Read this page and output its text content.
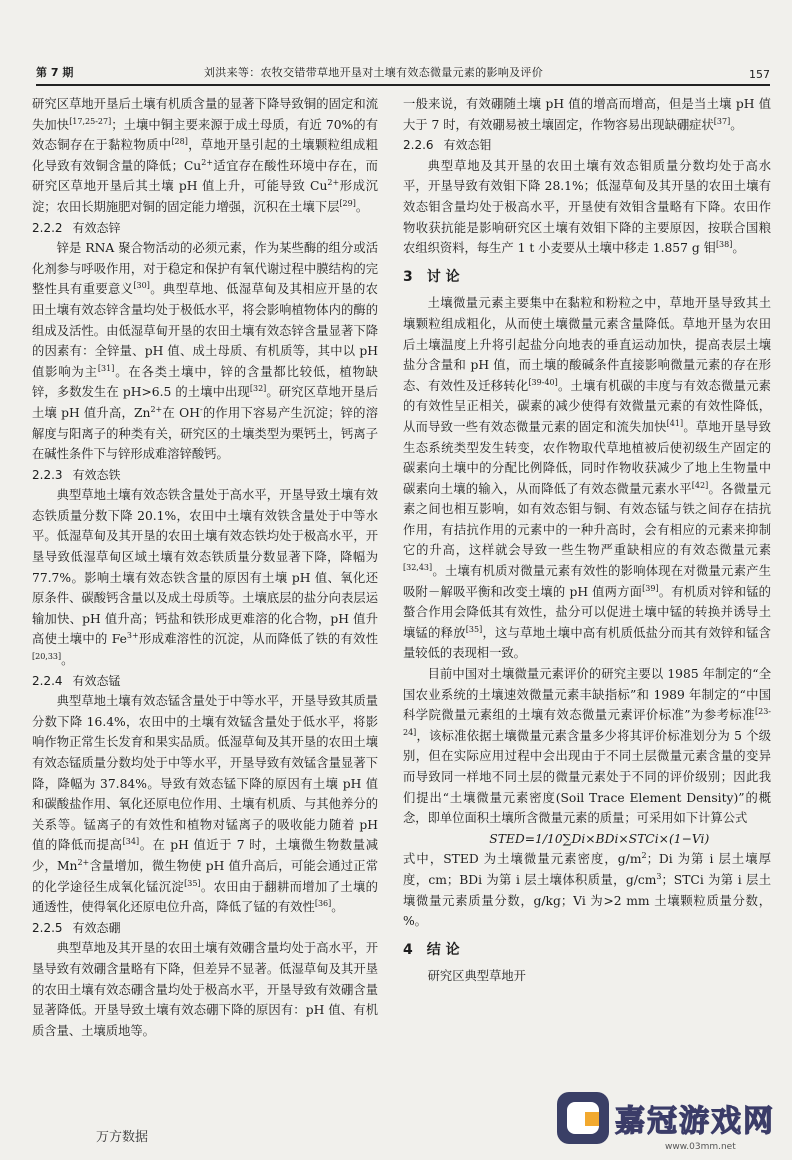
第 7 期	刘洪来等：农牧交错带草地开垦对土壤有效态微量元素的影响及评价	157

研究区草地开垦后土壤有机质含量的显著下降导致铜的固定和流失加快[17,25-27]；土壤中铜主要来源于成土母质，有近 70%的有效态铜存在于黏粒物质中[28]，草地开垦引起的土壤颗粒组成粗化导致有效铜含量的降低；$Cu^{2+}$适宜存在酸性环境中存在，而研究区草地开垦后其土壤 pH 值上升，可能导致 $Cu^{2+}$形成沉淀；农田长期施肥对铜的固定能力增强，沉积在土壤下层[29]。

2.2.2 有效态锌

锌是 RNA 聚合物活动的必须元素，作为某些酶的组分或活化剂参与呼吸作用，对于稳定和保护有氧代谢过程中膜结构的完整性具有重要意义[30]。典型草地、低湿草甸及其相应开垦的农田土壤有效态锌含量均处于极低水平，将会影响植物体内的酶的组成及活性。由低湿草甸开垦的农田土壤有效态锌含量显著下降的因素有：全锌量、pH 值、成土母质、有机质等，其中以 pH 值影响为主[31]。在各类土壤中，锌的含量都比较低，植物缺锌，多数发生在 pH>6.5 的土壤中出现[32]。研究区草地开垦后土壤 pH 值升高，$Zn^{2+}$在 OH-的作用下容易产生沉淀；锌的溶解度与阳离子的种类有关，研究区的土壤类型为栗钙土，钙离子在碱性条件下与锌形成难溶锌酸钙。

2.2.3 有效态铁

典型草地土壤有效态铁含量处于高水平，开垦导致土壤有效态铁质量分数下降 20.1%，农田中土壤有效铁含量处于中等水平。低湿草甸及其开垦的农田土壤有效态铁均处于极高水平，开垦导致低湿草甸区域土壤有效态铁质量分数显著下降，降幅为 77.7%。影响土壤有效态铁含量的原因有土壤 pH 值、氧化还原条件、碳酸钙含量以及成土母质等。土壤底层的盐分向表层运输加快、pH 值升高；钙盐和铁形成更难溶的化合物，pH 值升高使土壤中的 $Fe^{3+}$形成难溶性的沉淀，从而降低了铁的有效性[20,33]。

2.2.4 有效态锰

典型草地土壤有效态锰含量处于中等水平，开垦导致其质量分数下降 16.4%，农田中的土壤有效锰含量处于低水平，将影响作物正常生长发育和果实品质。低湿草甸及其开垦的农田土壤有效态锰质量分数均处于中等水平，开垦导致有效锰含量显著下降，降幅为 37.84%。导致有效态锰下降的原因有土壤 pH 值和碳酸盐作用、氧化还原电位作用、土壤有机质、与其他养分的关系等。锰离子的有效性和植物对锰离子的吸收能力随着 pH 值的降低而提高[34]。在 pH 值近于 7 时，土壤微生物数量减少，$Mn^{2+}$含量增加，微生物使 pH 值升高后，可能会通过正常的化学途径生成氧化锰沉淀[35]。农田由于翻耕而增加了土壤的通透性，使得氧化还原电位升高，降低了锰的有效性[36]。

2.2.5 有效态硼

典型草地及其开垦的农田土壤有效硼含量均处于高水平，开垦导致有效硼含量略有下降，但差异不显著。低湿草甸及其开垦的农田土壤有效态硼含量均处于极高水平，开垦导致有效硼含量显著降低。开垦导致土壤有效态硼下降的原因有：pH 值、有机质含量、土壤质地等。

一般来说，有效硼随土壤 pH 值的增高而增高，但是当土壤 pH 值大于 7 时，有效硼易被土壤固定，作物容易出现缺硼症状[37]。

2.2.6 有效态钼

典型草地及其开垦的农田土壤有效态钼质量分数均处于高水平，开垦导致有效钼下降 28.1%；低湿草甸及其开垦的农田土壤有效态钼含量均处于极高水平，开垦使有效钼含量略有下降。农田作物收获抗能是影响研究区土壤有效钼下降的主要原因，按联合国粮农组织资料，每生产 1 t 小麦要从土壤中移走 1.857 g 钼[38]。

3 讨 论

土壤微量元素主要集中在黏粒和粉粒之中，草地开垦导致其土壤颗粒组成粗化，从而使土壤微量元素含量降低。草地开垦为农田后土壤温度上升将引起盐分向地表的垂直运动加快，提高表层土壤盐分含量和 pH 值，而土壤的酸碱条件直接影响微量元素的存在形态、有效性及迁移转化[39-40]。土壤有机碳的丰度与有效态微量元素的有效性呈正相关，碳素的减少使得有效微量元素的有效性降低，从而导致一些有效态微量元素的固定和流失加快[41]。草地开垦导致生态系统类型发生转变，农作物取代草地植被后使初级生产固定的碳素向土壤中的分配比例降低，同时作物收获减少了地上生物量中碳素向土壤的输入，从而降低了有效态微量元素水平[42]。各微量元素之间也相互影响，如有效态钼与铜、有效态锰与铁之间存在拮抗作用，有拮抗作用的元素中的一种升高时，会有相应的元素来抑制它的升高，这样就会导致一些生物严重缺相应的有效态微量元素[32,43]。土壤有机质对微量元素有效性的影响体现在对微量元素产生吸附－解吸平衡和改变土壤的 pH 值两方面[39]。有机质对锌和锰的螯合作用会降低其有效性，盐分可以促进土壤中锰的转换并诱导土壤锰的释放[35]，这与草地土壤中高有机质低盐分而其有效锌和锰含量较低的表现相一致。

目前中国对土壤微量元素评价的研究主要以 1985 年制定的“全国农业系统的土壤速效微量元素丰缺指标”和 1989 年制定的“中国科学院微量元素组的土壤有效态微量元素评价标准”为参考标准[23-24]，该标准依据土壤微量元素含量多少将其评价标准划分为 5 个级别，但在实际应用过程中会出现由于不同土层微量元素含量的变异而导致同一样地不同土层的微量元素处于不同的评价级别；因此我们提出“土壤微量元素密度(Soil Trace Element Density)”的概念，即单位面积土壤所含微量元素的质量；可采用如下计算公式

STED=1/10∑Di×BDi×STCi×(1−Vi)

式中，STED 为土壤微量元素密度，$g/m^2$；Di 为第 i 层土壤厚度，cm；BDi 为第 i 层土壤体积质量，$g/cm^3$；STCi 为第 i 层土壤微量元素质量分数，g/kg；Vi 为>2 mm 土壤颗粒质量分数，%。

4 结 论

研究区典型草地开

万方数据	嘉冠游戏网
www.03mm.net
